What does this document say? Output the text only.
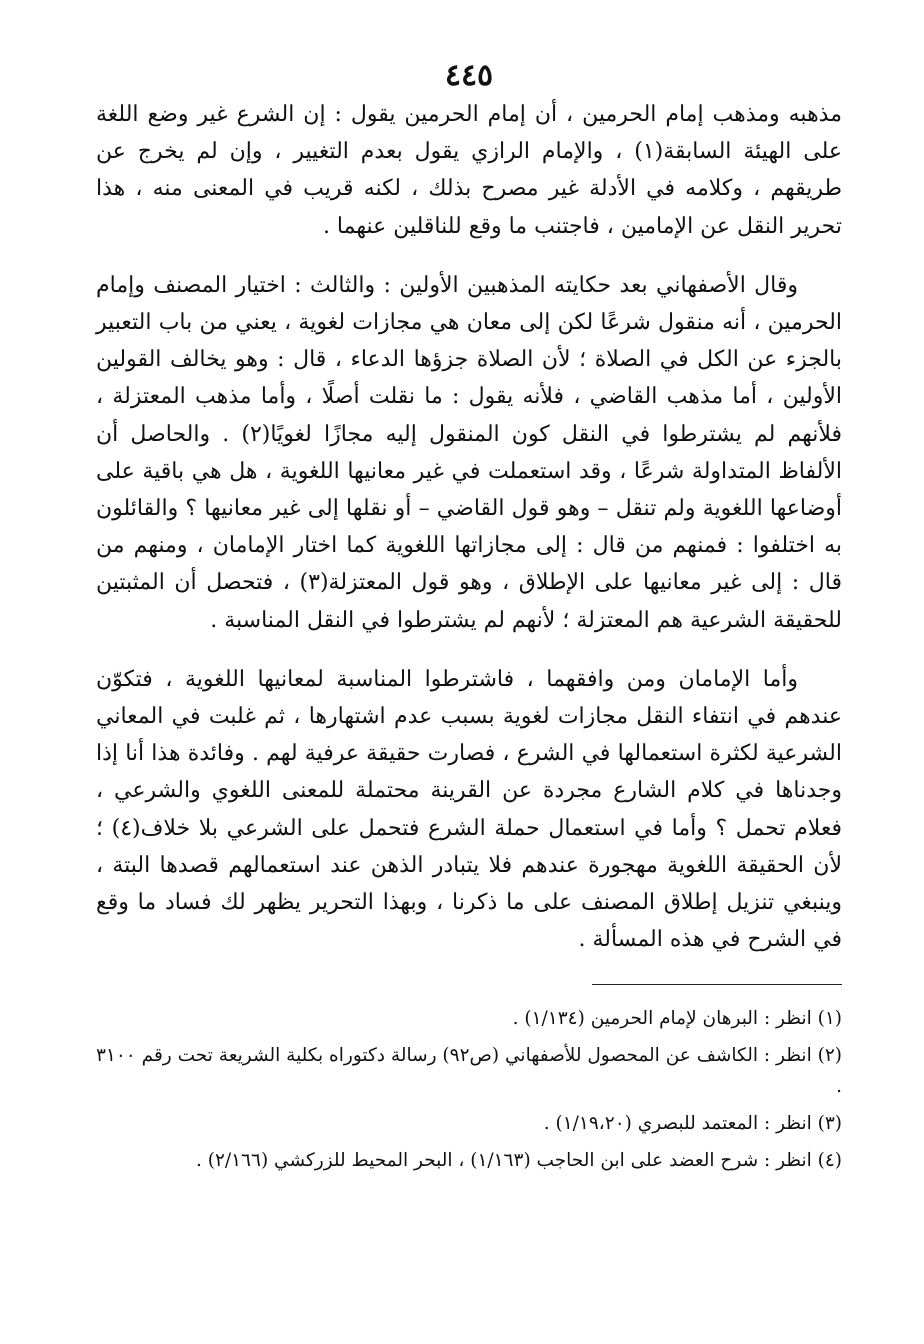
٤٤٥

مذهبه ومذهب إمام الحرمين ، أن إمام الحرمين يقول : إن الشرع غير وضع اللغة على الهيئة السابقة(١) ، والإمام الرازي يقول بعدم التغيير ، وإن لم يخرج عن طريقهم ، وكلامه في الأدلة غير مصرح بذلك ، لكنه قريب في المعنى منه ، هذا تحرير النقل عن الإمامين ، فاجتنب ما وقع للناقلين عنهما .

وقال الأصفهاني بعد حكايته المذهبين الأولين : والثالث : اختيار المصنف وإمام الحرمين ، أنه منقول شرعًا لكن إلى معان هي مجازات لغوية ، يعني من باب التعبير بالجزء عن الكل في الصلاة ؛ لأن الصلاة جزؤها الدعاء ، قال : وهو يخالف القولين الأولين ، أما مذهب القاضي ، فلأنه يقول : ما نقلت أصلًا ، وأما مذهب المعتزلة ، فلأنهم لم يشترطوا في النقل كون المنقول إليه مجازًا لغويًا(٢) . والحاصل أن الألفاظ المتداولة شرعًا ، وقد استعملت في غير معانيها اللغوية ، هل هي باقية على أوضاعها اللغوية ولم تنقل – وهو قول القاضي – أو نقلها إلى غير معانيها ؟ والقائلون به اختلفوا : فمنهم من قال : إلى مجازاتها اللغوية كما اختار الإمامان ، ومنهم من قال : إلى غير معانيها على الإطلاق ، وهو قول المعتزلة(٣) ، فتحصل أن المثبتين للحقيقة الشرعية هم المعتزلة ؛ لأنهم لم يشترطوا في النقل المناسبة .

وأما الإمامان ومن وافقهما ، فاشترطوا المناسبة لمعانيها اللغوية ، فتكوّن عندهم في انتفاء النقل مجازات لغوية بسبب عدم اشتهارها ، ثم غلبت في المعاني الشرعية لكثرة استعمالها في الشرع ، فصارت حقيقة عرفية لهم . وفائدة هذا أنا إذا وجدناها في كلام الشارع مجردة عن القرينة محتملة للمعنى اللغوي والشرعي ، فعلام تحمل ؟ وأما في استعمال حملة الشرع فتحمل على الشرعي بلا خلاف(٤) ؛ لأن الحقيقة اللغوية مهجورة عندهم فلا يتبادر الذهن عند استعمالهم قصدها البتة ، وينبغي تنزيل إطلاق المصنف على ما ذكرنا ، وبهذا التحرير يظهر لك فساد ما وقع في الشرح في هذه المسألة .

(١) انظر : البرهان لإمام الحرمين (١/١٣٤) .

(٢) انظر : الكاشف عن المحصول للأصفهاني (ص٩٢) رسالة دكتوراه بكلية الشريعة تحت رقم ٣١٠٠ .

(٣) انظر : المعتمد للبصري (١/١٩،٢٠) .

(٤) انظر : شرح العضد على ابن الحاجب (١/١٦٣) ، البحر المحيط للزركشي (٢/١٦٦) .
